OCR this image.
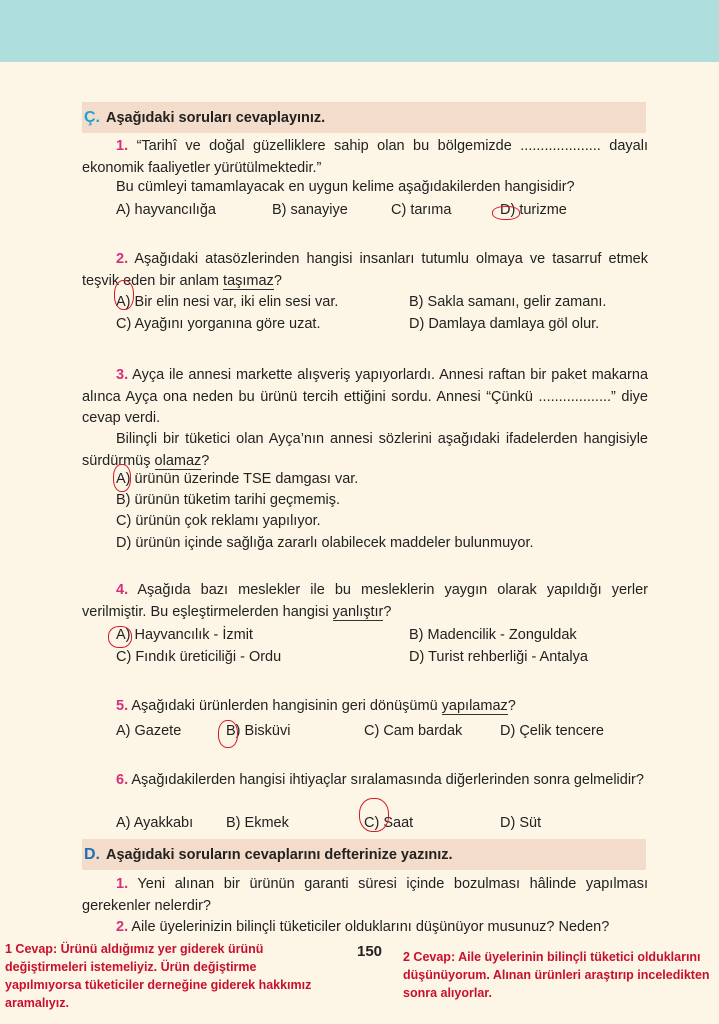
Ç. Aşağıdaki soruları cevaplayınız.
1. “Tarihî ve doğal güzelliklere sahip olan bu bölgemizde .................... dayalı ekonomik faaliyetler yürütülmektedir.”
Bu cümleyi tamamlayacak en uygun kelime aşağıdakilerden hangisidir?
A) hayvancılığa	B) sanayiye	C) tarıma	D) turizme
2. Aşağıdaki atasözlerinden hangisi insanları tutumlu olmaya ve tasarruf etmek teşvik eden bir anlam taşımaz?
A) Bir elin nesi var, iki elin sesi var.	B) Sakla samanı, gelir zamanı.
C) Ayağını yorganına göre uzat.	D) Damlaya damlaya göl olur.
3. Ayça ile annesi markette alışveriş yapıyorlardı. Annesi raftan bir paket makarna alınca Ayça ona neden bu ürünü tercih ettiğini sordu. Annesi “Çünkü ..................” diye cevap verdi.
Bilinçli bir tüketici olan Ayça’nın annesi sözlerini aşağıdaki ifadelerden hangisiyle sürdürmüş olamaz?
A) ürünün üzerinde TSE damgası var.
B) ürünün tüketim tarihi geçmemiş.
C) ürünün çok reklamı yapılıyor.
D) ürünün içinde sağlığa zararlı olabilecek maddeler bulunmuyor.
4. Aşağıda bazı meslekler ile bu mesleklerin yaygın olarak yapıldığı yerler verilmiştir. Bu eşleştirmelerden hangisi yanlıştır?
A) Hayvancılık - İzmit	B) Madencilik - Zonguldak
C) Fındık üreticiliği - Ordu	D) Turist rehberliği - Antalya
5. Aşağıdaki ürünlerden hangisinin geri dönüşümü yapılamaz?
A) Gazete	B) Bisküvi	C) Cam bardak	D) Çelik tencere
6. Aşağıdakilerden hangisi ihtiyaçlar sıralamasında diğerlerinden sonra gelmelidir?
A) Ayakkabı B) Ekmek	C) Saat	D) Süt
D. Aşağıdaki soruların cevaplarını defterinize yazınız.
1. Yeni alınan bir ürünün garanti süresi içinde bozulması hâlinde yapılması gerekenler nelerdir?
2. Aile üyelerinizin bilinçli tüketiciler olduklarını düşünüyor musunuz? Neden?
1 Cevap: Ürünü aldığımız yer giderek ürünü değiştirmeleri istemeliyiz. Ürün değiştirme yapılmıyorsa tüketiciler derneğine giderek hakkımız aramalıyız.
150 2 Cevap: Aile üyelerinin bilinçli tüketici olduklarını düşünüyorum. Alınan ürünleri araştırıp inceledikten sonra alıyorlar.
